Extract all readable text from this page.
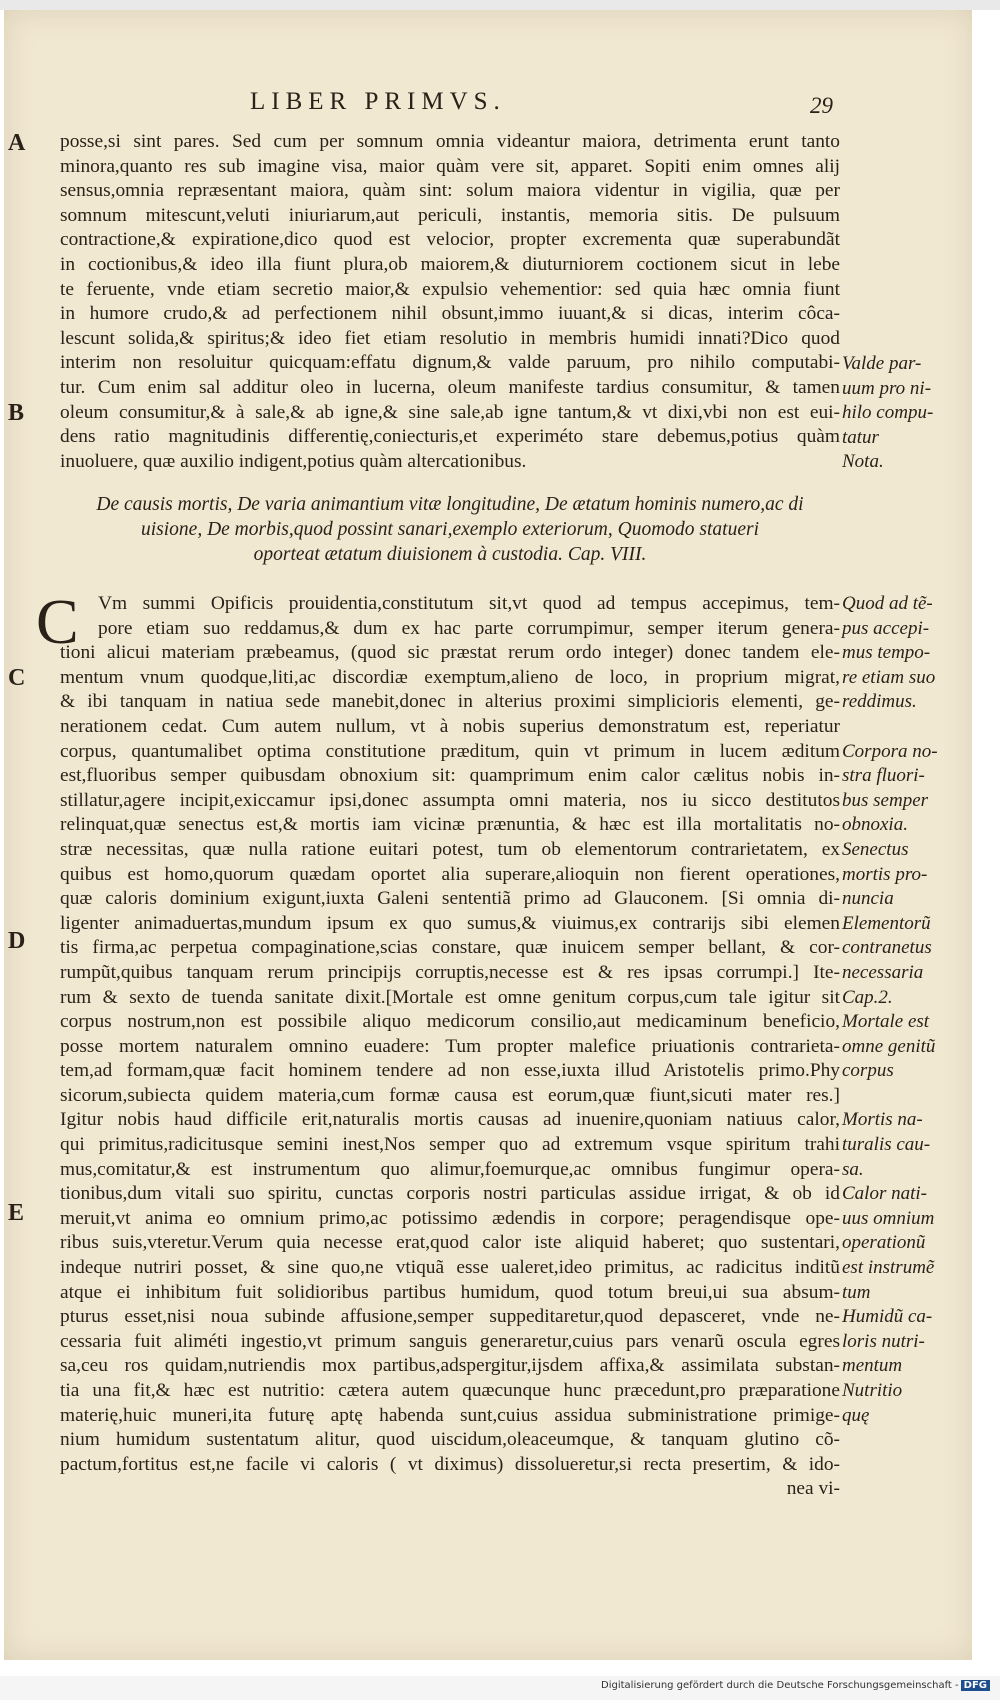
LIBER PRIMVS.	29
A
B
C
D
E
posse,si sint pares. Sed cum per somnum omnia videantur maiora, detrimenta erunt tanto
minora,quanto res sub imagine visa, maior quàm vere sit, apparet. Sopiti enim omnes alij
sensus,omnia repræsentant maiora, quàm sint: solum maiora videntur in vigilia, quæ per
somnum mitescunt,veluti iniuriarum,aut periculi, instantis, memoria sitis. De pulsuum
contractione,& expiratione,dico quod est velocior, propter excrementa quæ superabundãt
in coctionibus,& ideo illa fiunt plura,ob maiorem,& diuturniorem coctionem sicut in lebe
te feruente, vnde etiam secretio maior,& expulsio vehementior: sed quia hæc omnia fiunt
in humore crudo,& ad perfectionem nihil obsunt,immo iuuant,& si dicas, interim côca-
lescunt solida,& spiritus;& ideo fiet etiam resolutio in membris humidi innati?Dico quod
interim non resoluitur quicquam:effatu dignum,& valde paruum, pro nihilo computabi-
tur. Cum enim sal additur oleo in lucerna, oleum manifeste tardius consumitur, & tamen
oleum consumitur,& à sale,& ab igne,& sine sale,ab igne tantum,& vt dixi,vbi non est eui-
dens ratio magnitudinis differentię,coniecturis,et experiméto stare debemus,potius quàm
inuoluere, quæ auxilio indigent,potius quàm altercationibus.
Valde par-
uum pro ni-
hilo compu-
tatur
Nota.
De causis mortis, De varia animantium vitæ longitudine, De ætatum hominis numero,ac di
uisione, De morbis,quod possint sanari,exemplo exteriorum, Quomodo statueri
oporteat ætatum diuisionem à custodia. Cap. VIII.
C Vm summi Opificis prouidentia,constitutum sit,vt quod ad tempus accepimus, tem-
pore etiam suo reddamus,& dum ex hac parte corrumpimur, semper iterum genera-
tioni alicui materiam præbeamus, (quod sic præstat rerum ordo integer) donec tandem ele-
mentum vnum quodque,liti,ac discordiæ exemptum,alieno de loco, in proprium migrat,
& ibi tanquam in natiua sede manebit,donec in alterius proximi simplicioris elementi, ge-
nerationem cedat. Cum autem nullum, vt à nobis superius demonstratum est, reperiatur
corpus, quantumalibet optima constitutione præditum, quin vt primum in lucem æditum
est,fluoribus semper quibusdam obnoxium sit: quamprimum enim calor cælitus nobis in-
stillatur,agere incipit,exiccamur ipsi,donec assumpta omni materia, nos iu sicco destitutos
relinquat,quæ senectus est,& mortis iam vicinæ prænuntia, & hæc est illa mortalitatis no-
stræ necessitas, quæ nulla ratione euitari potest, tum ob elementorum contrarietatem, ex
quibus est homo,quorum quædam oportet alia superare,alioquin non fierent operationes,
quæ caloris dominium exigunt,iuxta Galeni sententiã primo ad Glauconem. [Si omnia di-
ligenter animaduertas,mundum ipsum ex quo sumus,& viuimus,ex contrarijs sibi elemen
tis firma,ac perpetua compaginatione,scias constare, quæ inuicem semper bellant, & cor-
rumpũt,quibus tanquam rerum principijs corruptis,necesse est & res ipsas corrumpi.] Ite-
rum & sexto de tuenda sanitate dixit.[Mortale est omne genitum corpus,cum tale igitur sit
corpus nostrum,non est possibile aliquo medicorum consilio,aut medicaminum beneficio,
posse mortem naturalem omnino euadere: Tum propter malefice priuationis contrarieta-
tem,ad formam,quæ facit hominem tendere ad non esse,iuxta illud Aristotelis primo.Phy
sicorum,subiecta quidem materia,cum formæ causa est eorum,quæ fiunt,sicuti mater res.]
Igitur nobis haud difficile erit,naturalis mortis causas ad inuenire,quoniam natiuus calor,
qui primitus,radicitusque semini inest,Nos semper quo ad extremum vsque spiritum trahi
mus,comitatur,& est instrumentum quo alimur,foemurque,ac omnibus fungimur opera-
tionibus,dum vitali suo spiritu, cunctas corporis nostri particulas assidue irrigat, & ob id
meruit,vt anima eo omnium primo,ac potissimo ædendis in corpore; peragendisque ope-
ribus suis,vteretur.Verum quia necesse erat,quod calor iste aliquid haberet; quo sustentari,
indeque nutriri posset, & sine quo,ne vtiquã esse ualeret,ideo primitus, ac radicitus inditũ
atque ei inhibitum fuit solidioribus partibus humidum, quod totum breui,ui sua absum-
pturus esset,nisi noua subinde affusione,semper suppeditaretur,quod depasceret, vnde ne-
cessaria fuit aliméti ingestio,vt primum sanguis generaretur,cuius pars venarũ oscula egres
sa,ceu ros quidam,nutriendis mox partibus,adspergitur,ijsdem affixa,& assimilata substan-
tia una fit,& hæc est nutritio: cætera autem quæcunque hunc præcedunt,pro præparatione
materię,huic muneri,ita futurę aptę habenda sunt,cuius assidua subministratione primige-
nium humidum sustentatum alitur, quod uiscidum,oleaceumque, & tanquam glutino cõ-
pactum,fortitus est,ne facile vi caloris ( vt diximus) dissolueretur,si recta presertim, & ido-
nea vi-
Quod ad tẽ-
pus accepi-
mus tempo-
re etiam suo
reddimus.
Corpora no-
stra fluori-
bus semper
obnoxia.
Senectus
mortis pro-
nuncia
Elementorũ
contranetus
necessaria
Cap.2.
Mortale est
omne genitũ
corpus
Mortis na-
turalis cau-
sa.
Calor nati-
uus omnium
operationũ
est instrumẽ
tum
Humidũ ca-
loris nutri-
mentum
Nutritio
quę
Digitalisierung gefördert durch die Deutsche Forschungsgemeinschaft - DFG
